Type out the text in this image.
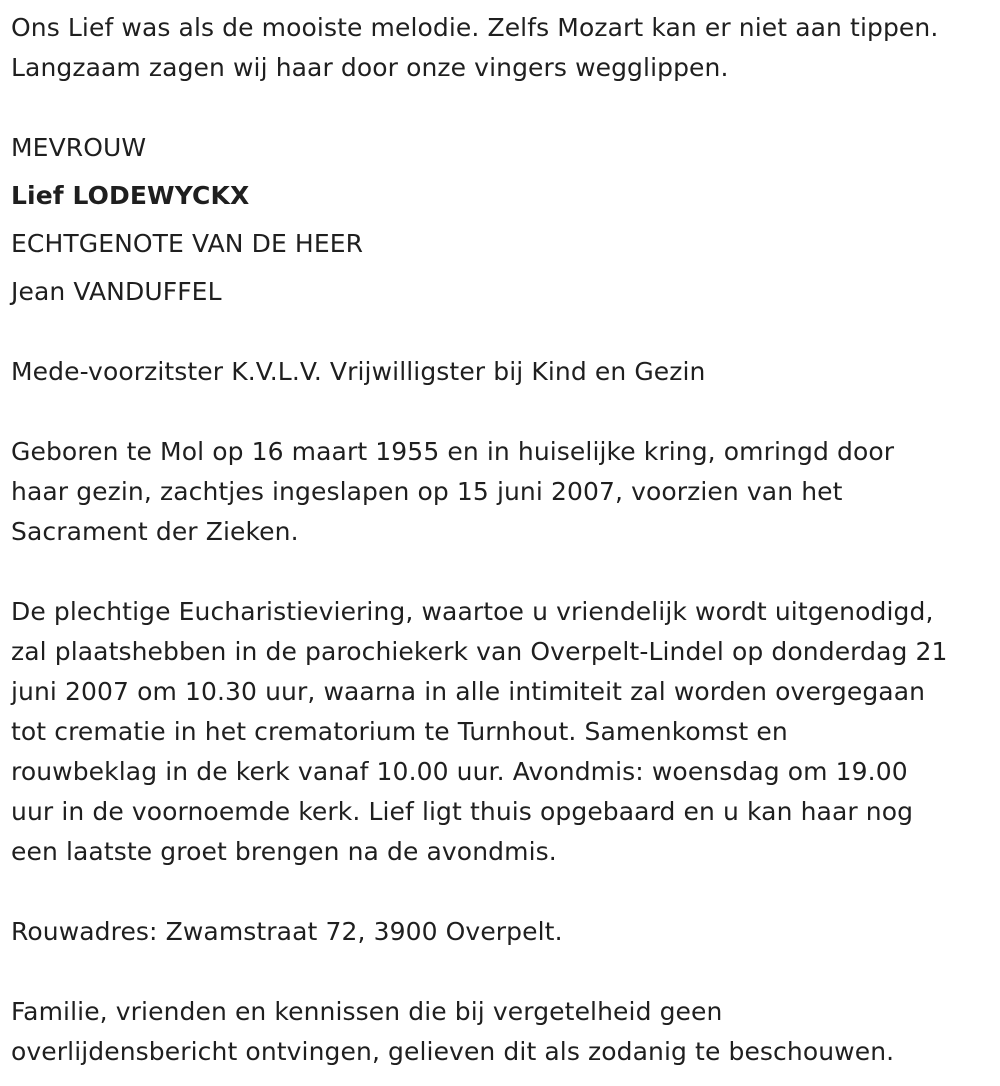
Ons Lief was als de mooiste melodie. Zelfs Mozart kan er niet aan tippen.

Langzaam zagen wij haar door onze vingers wegglippen.

MEVROUW

Lief LODEWYCKX

ECHTGENOTE VAN DE HEER

Jean VANDUFFEL

Mede-voorzitster K.V.L.V. Vrijwilligster bij Kind en Gezin

Geboren te Mol op 16 maart 1955 en in huiselijke kring, omringd door

haar gezin, zachtjes ingeslapen op 15 juni 2007, voorzien van het

Sacrament der Zieken.

De plechtige Eucharistieviering, waartoe u vriendelijk wordt uitgenodigd,

zal plaatshebben in de parochiekerk van Overpelt-Lindel op donderdag 21

juni 2007 om 10.30 uur, waarna in alle intimiteit zal worden overgegaan

tot crematie in het crematorium te Turnhout. Samenkomst en

rouwbeklag in de kerk vanaf 10.00 uur. Avondmis: woensdag om 19.00

uur in de voornoemde kerk. Lief ligt thuis opgebaard en u kan haar nog

een laatste groet brengen na de avondmis.

Rouwadres: Zwamstraat 72, 3900 Overpelt.

Familie, vrienden en kennissen die bij vergetelheid geen

overlijdensbericht ontvingen, gelieven dit als zodanig te beschouwen.
